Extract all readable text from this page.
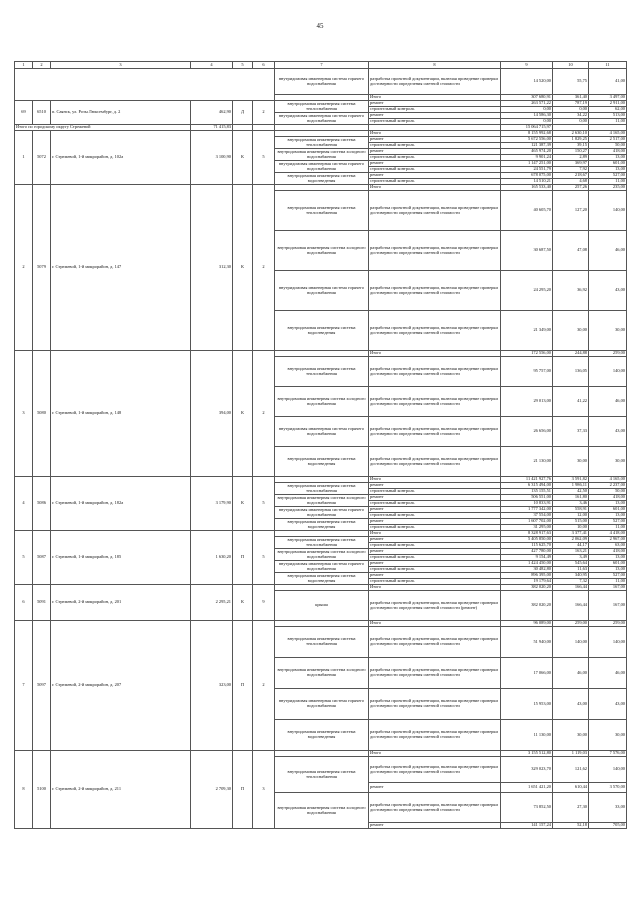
45
1	2	3	4	5	6	7	8	9	10	11
						внутридомовая инженерная система горячего водоснабжения	разработка проектной документации, включая проведение проверки достоверности определения сметной стоимости	14 520,00	55,75	41,00
							Итого	307 680,91	361,40	3 497,00
69	6510	п. Саянск, ул. Розы Люксембург, д. 2	462,90	Д	2	внутридомовая инженерная система теплоснабжения	ремонт	263 571,22	787,19	2 911,00
							строительный контроль	0,00	0,00	62,00
						внутридомовая инженерная система горячего водоснабжения	ремонт	14 586,30	34,22	513,00
							строительный контроль	0,00	0,00	11,00
Итого по городскому округу Стрежевой			71 415,83					15 064 715,97		
1	5072	г. Стрежевой, 1-й микрорайон, д. 102а	3 100,90	К	5		Итого	8 155 992,68	2 630,10	4 165,00
						внутридомовая инженерная система теплоснабжения	ремонт	5 672 556,00	1 829,25	2 517,00
							строительный контроль	121 387,39	39,15	50,00
						внутридомовая инженерная система холодного водоснабжения	ремонт	465 974,20	150,27	418,00
							строительный контроль	9 901,24	2,89	13,00
						внутридомовая инженерная система горячего водоснабжения	ремонт	1 147 251,00	369,97	601,00
							строительный контроль	24 551,79	7,92	13,00
						внутридомовая инженерная система водоотведения	ремонт	678 075,00	218,67	527,00
							строительный контроль	14 510,21	4,68	11,00
2	5079	г. Стрежевой, 1-й микрорайон, д. 147	312,30	К	2		Итого	165 533,40	257,26	235,00
						внутридомовая инженерная система теплоснабжения	разработка проектной документации, включая проведение проверки достоверности определения сметной стоимости	40 605,70	127,20	140,00
						внутридомовая инженерная система холодного водоснабжения	разработка проектной документации, включая проведение проверки достоверности определения сметной стоимости	30 687,50	47,08	46,00
						внутридомовая инженерная система горячего водоснабжения	разработка проектной документации, включая проведение проверки достоверности определения сметной стоимости	24 295,20	36,92	43,00
						внутридомовая инженерная система водоотведения	разработка проектной документации, включая проведение проверки достоверности определения сметной стоимости	21 349,00	30,00	30,00
3	5080	г. Стрежевой, 1-й микрорайон, д. 148	394,00	К	2		Итого	172 556,00	244,88	259,00
						внутридомовая инженерная система теплоснабжения	разработка проектной документации, включая проведение проверки достоверности определения сметной стоимости	95 757,00	136,05	140,00
						внутридомовая инженерная система холодного водоснабжения	разработка проектной документации, включая проведение проверки достоверности определения сметной стоимости	29 013,00	41,22	46,00
						внутридомовая инженерная система горячего водоснабжения	разработка проектной документации, включая проведение проверки достоверности определения сметной стоимости	26 656,00	37,33	43,00
						внутридомовая инженерная система водоотведения	разработка проектной документации, включая проведение проверки достоверности определения сметной стоимости	21 130,00	30,00	30,00
4	5086	г. Стрежевой, 1-й микрорайон, д. 182а	3 179,90	К	5		Итого	11 421 927,76	3 591,82	4 165,00
						внутридомовая инженерная система теплоснабжения	ремонт	6 315 494,00	1 986,11	2 237,00
							строительный контроль	135 155,51	42,50	50,00
						внутридомовая инженерная система холодного водоснабжения	ремонт	506 551,00	161,80	418,00
							строительный контроль	10 833,91	3,46	13,00
						внутридомовая инженерная система горячего водоснабжения	ремонт	1 777 342,00	558,91	601,00
							строительный контроль	37 554,00	12,00	13,00
						внутридомовая инженерная система водоотведения	ремонт	1 607 702,00	515,00	527,00
							строительный контроль	31 295,00	10,00	11,00
5	5087	г. Стрежевой, 1-й микрорайон, д. 185	1 630,20	П	5		Итого	8 328 917,63	3 377,41	4 418,00
						внутридомовая инженерная система теплоснабжения	ремонт	5 405 850,00	2 062,09	2 967,00
							строительный контроль	115 625,70	44,17	63,00
						внутридомовая инженерная система холодного водоснабжения	ремонт	427 780,00	163,21	418,00
							строительный контроль	9 154,49	3,49	13,00
						внутридомовая инженерная система горячего водоснабжения	ремонт	1 424 450,00	545,64	601,00
							строительный контроль	30 482,80	11,63	13,00
						внутридомовая инженерная система водоотведения	ремонт	896 395,00	340,95	527,00
							строительный контроль	19 179,64	7,32	11,00
6	5091	г. Стрежевой, 2-й микрорайон, д. 201	2 295,21	К	9		Итого	382 020,20	166,44	167,00
						крыша	разработка проектной документации, включая проведение проверки достоверности определения сметной стоимости (ремонт)	382 020,20	166,44	167,00
7	5097	г. Стрежевой, 2-й микрорайон, д. 207	323,00	П	2		Итого	96 089,00	259,00	259,00
						внутридомовая инженерная система теплоснабжения	разработка проектной документации, включая проведение проверки достоверности определения сметной стоимости	51 940,00	140,00	140,00
						внутридомовая инженерная система холодного водоснабжения	разработка проектной документации, включая проведение проверки достоверности определения сметной стоимости	17 066,00	46,00	46,00
						внутридомовая инженерная система горячего водоснабжения	разработка проектной документации, включая проведение проверки достоверности определения сметной стоимости	15 953,00	43,00	43,00
						внутридомовая инженерная система водоотведения	разработка проектной документации, включая проведение проверки достоверности определения сметной стоимости	11 130,00	30,00	30,00
8	5100	г. Стрежевой, 2-й микрорайон, д. 211	2 709,30	П	3		Итого	3 155 512,80	1 119,03	7 576,00
						внутридомовая инженерная система теплоснабжения	разработка проектной документации, включая проведение проверки достоверности определения сметной стоимости	329 023,70	121,62	140,00
							ремонт	1 651 421,20	610,44	3 570,00
						внутридомовая инженерная система холодного водоснабжения	разработка проектной документации, включая проведение проверки достоверности определения сметной стоимости	73 852,50	27,30	33,00
							ремонт	141 157,24	52,18	705,00
